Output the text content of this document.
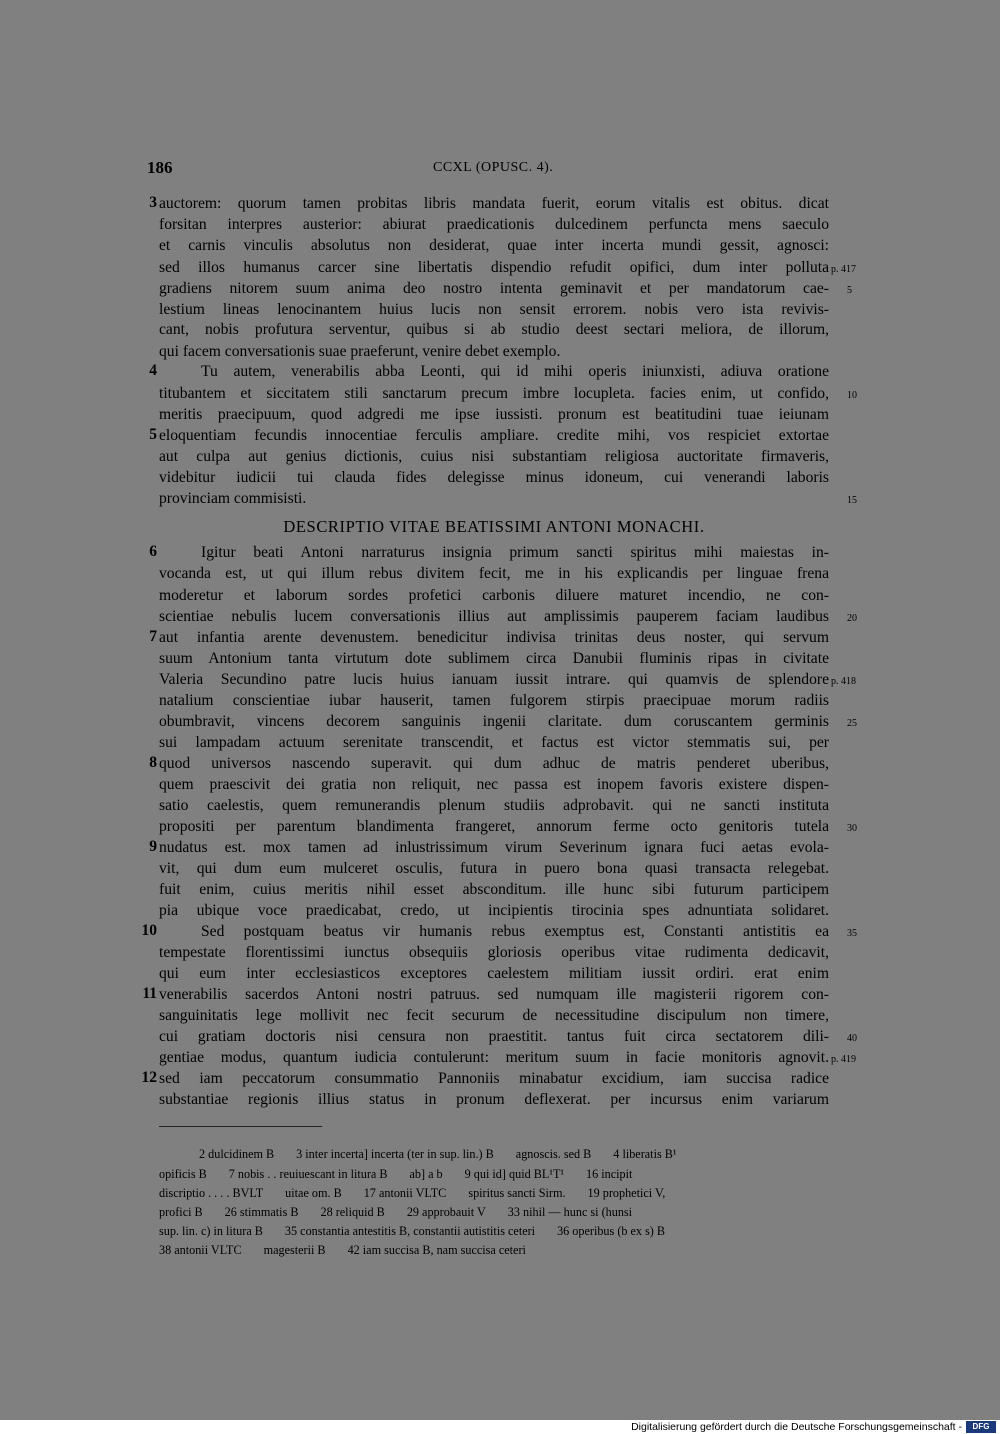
186	CCXL (OPUSC. 4).
auctorem: quorum tamen probitas libris mandata fuerit, eorum vitalis est obitus. dicat
forsitan interpres austerior: abiurat praedicationis dulcedinem perfuncta mens saeculo
et carnis vinculis absolutus non desiderat, quae inter incerta mundi gessit, agnosci:
sed illos humanus carcer sine libertatis dispendio refudit opifici, dum inter polluta
gradiens nitorem suum anima deo nostro intenta geminavit et per mandatorum cae-
lestium lineas lenocinantem huius lucis non sensit errorem. nobis vero ista revivis-
cant, nobis profutura serventur, quibus si ab studio deest sectari meliora, de illorum,
qui facem conversationis suae praeferunt, venire debet exemplo.
Tu autem, venerabilis abba Leonti, qui id mihi operis iniunxisti, adiuva oratione
titubantem et siccitatem stili sanctarum precum imbre locupleta. facies enim, ut confido,
meritis praecipuum, quod adgredi me ipse iussisti. pronum est beatitudini tuae ieiunam
eloquentiam fecundis innocentiae ferculis ampliare. credite mihi, vos respiciet extortae
aut culpa aut genius dictionis, cuius nisi substantiam religiosa auctoritate firmaveris,
videbitur iudicii tui clauda fides delegisse minus idoneum, cui venerandi laboris
provinciam commisisti.
DESCRIPTIO VITAE BEATISSIMI ANTONI MONACHI.
Igitur beati Antoni narraturus insignia primum sancti spiritus mihi maiestas in-
vocanda est, ut qui illum rebus divitem fecit, me in his explicandis per linguae frena
moderetur et laborum sordes profetici carbonis diluere maturet incendio, ne con-
scientiae nebulis lucem conversationis illius aut amplissimis pauperem faciam laudibus
aut infantia arente devenustem. benedicitur indivisa trinitas deus noster, qui servum
suum Antonium tanta virtutum dote sublimem circa Danubii fluminis ripas in civitate
Valeria Secundino patre lucis huius ianuam iussit intrare. qui quamvis de splendore
natalium conscientiae iubar hauserit, tamen fulgorem stirpis praecipuae morum radiis
obumbravit, vincens decorem sanguinis ingenii claritate. dum coruscantem germinis
sui lampadam actuum serenitate transcendit, et factus est victor stemmatis sui, per
quod universos nascendo superavit. qui dum adhuc de matris penderet uberibus,
quem praescivit dei gratia non reliquit, nec passa est inopem favoris existere dispen-
satio caelestis, quem remunerandis plenum studiis adprobavit. qui ne sancti instituta
propositi per parentum blandimenta frangeret, annorum ferme octo genitoris tutela
nudatus est. mox tamen ad inlustrissimum virum Severinum ignara fuci aetas evola-
vit, qui dum eum mulceret osculis, futura in puero bona quasi transacta relegebat.
fuit enim, cuius meritis nihil esset absconditum. ille hunc sibi futurum participem
pia ubique voce praedicabat, credo, ut incipientis tirocinia spes adnuntiata solidaret.
Sed postquam beatus vir humanis rebus exemptus est, Constanti antistitis ea
tempestate florentissimi iunctus obsequiis gloriosis operibus vitae rudimenta dedicavit,
qui eum inter ecclesiasticos exceptores caelestem militiam iussit ordiri. erat enim
venerabilis sacerdos Antoni nostri patruus. sed numquam ille magisterii rigorem con-
sanguinitatis lege mollivit nec fecit securum de necessitudine discipulum non timere,
cui gratiam doctoris nisi censura non praestitit. tantus fuit circa sectatorem dili-
gentiae modus, quantum iudicia contulerunt: meritum suum in facie monitoris agnovit.
sed iam peccatorum consummatio Pannoniis minabatur excidium, iam succisa radice
substantiae regionis illius status in pronum deflexerat. per incursus enim variarum
3
4
5
6
7
8
9
10
11
12
5
10
15
20
25
30
35
40
p. 417
p. 418
p. 419
2 dulcidinem B 3 inter incerta] incerta (ter in sup. lin.) B agnoscis. sed B 4 liberatis B¹
opificis B 7 nobis . . reuiuescant in litura B ab] a b 9 qui id] quid BL¹T¹ 16 incipit
discriptio . . . . BVLT uitae om. B 17 antonii VLTC spiritus sancti Sirm. 19 prophetici V,
profici B 26 stimmatis B 28 reliquid B 29 approbauit V 33 nihil — hunc si (hunsi
sup. lin. c) in litura B 35 constantia antestitis B, constantii autistitis ceteri 36 operibus (b ex s) B
38 antonii VLTC magesterii B 42 iam succisa B, nam succisa ceteri
Digitalisierung gefördert durch die Deutsche Forschungsgemeinschaft -	DFG
